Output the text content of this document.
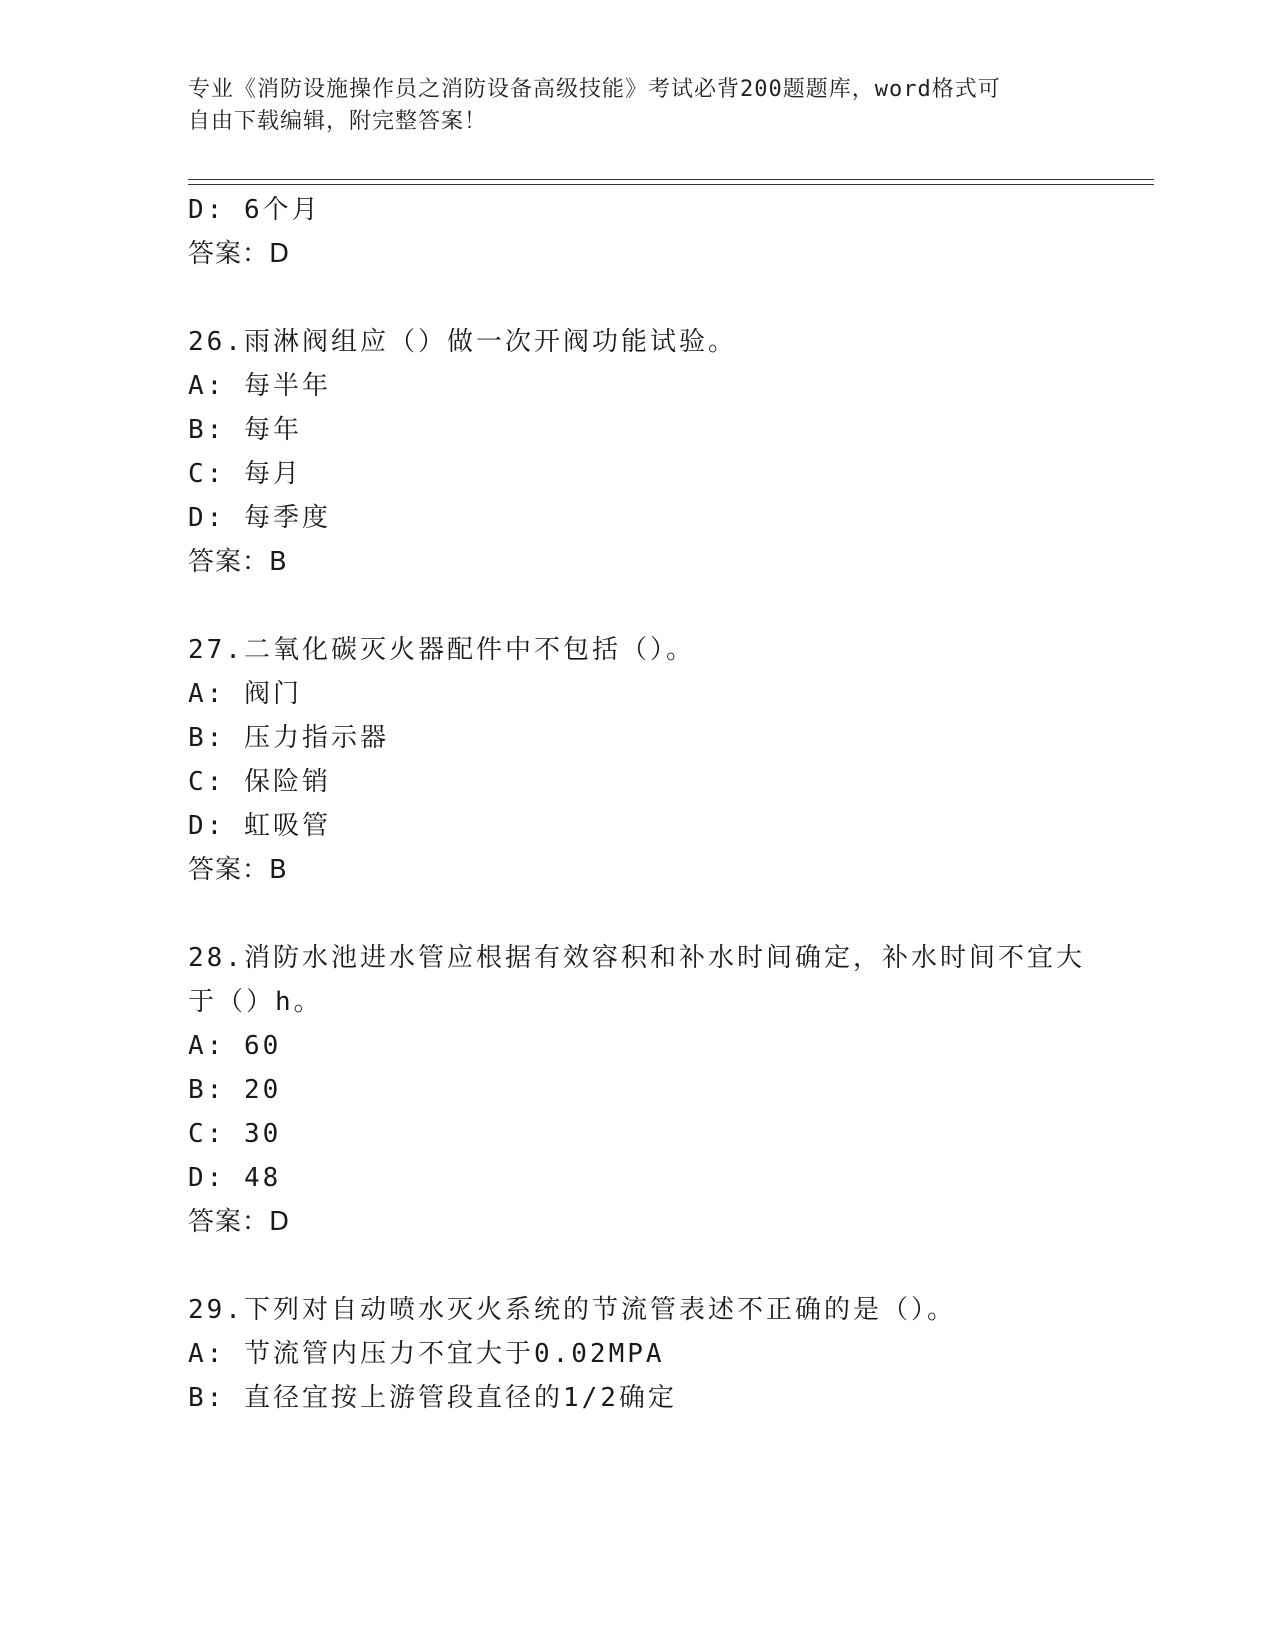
专业《消防设施操作员之消防设备高级技能》考试必背200题题库，word格式可
自由下载编辑，附完整答案！
D: 6个月
答案：D
26.雨淋阀组应（）做一次开阀功能试验。
A: 每半年
B: 每年
C: 每月
D: 每季度
答案：B
27.二氧化碳灭火器配件中不包括（）。
A: 阀门
B: 压力指示器
C: 保险销
D: 虹吸管
答案：B
28.消防水池进水管应根据有效容积和补水时间确定，补水时间不宜大
于（）h。
A: 60
B: 20
C: 30
D: 48
答案：D
29.下列对自动喷水灭火系统的节流管表述不正确的是（）。
A: 节流管内压力不宜大于0.02MPA
B: 直径宜按上游管段直径的1/2确定
